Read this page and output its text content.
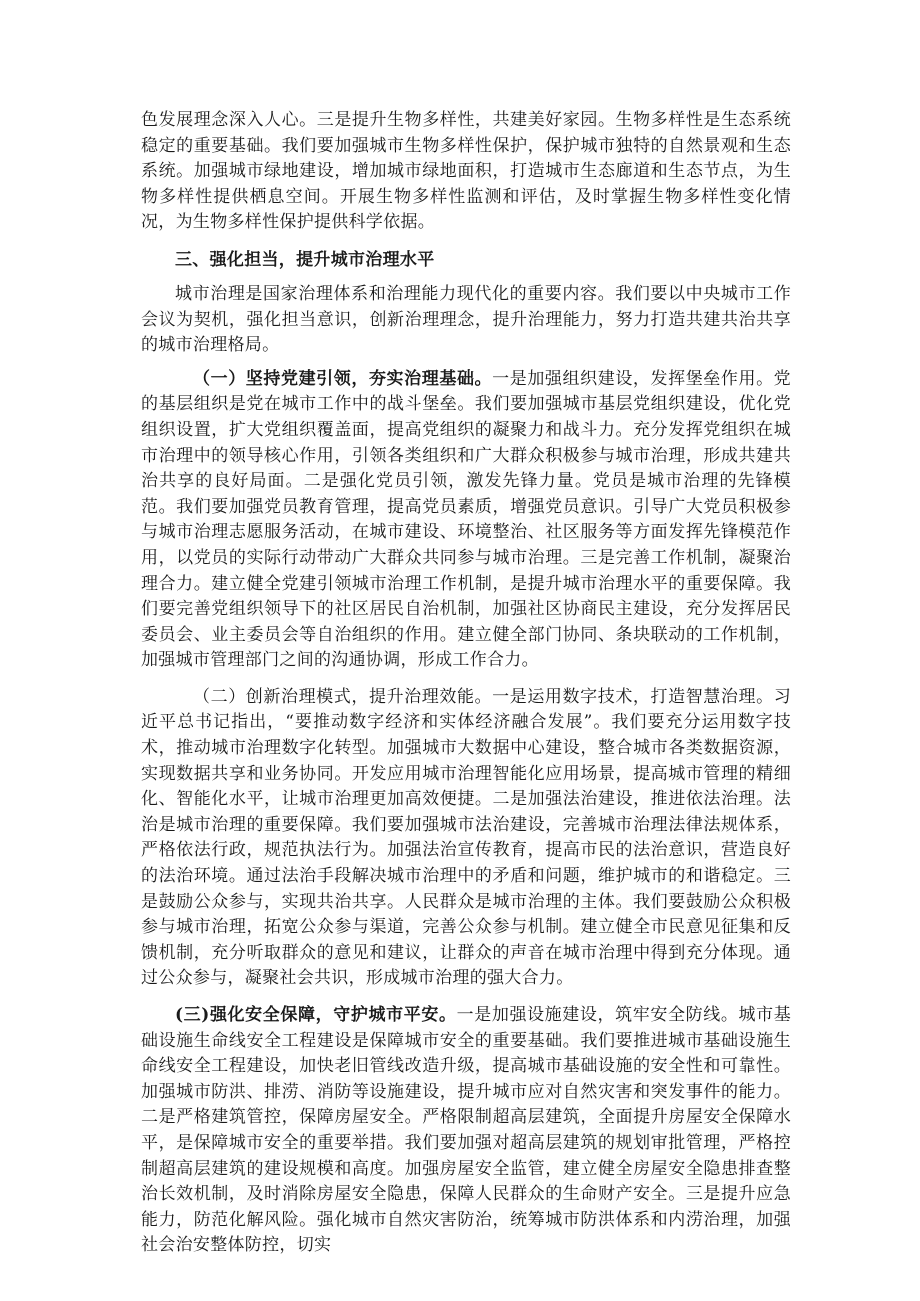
色发展理念深入人心。三是提升生物多样性，共建美好家园。生物多样性是生态系统稳定的重要基础。我们要加强城市生物多样性保护，保护城市独特的自然景观和生态系统。加强城市绿地建设，增加城市绿地面积，打造城市生态廊道和生态节点，为生物多样性提供栖息空间。开展生物多样性监测和评估，及时掌握生物多样性变化情况，为生物多样性保护提供科学依据。

三、强化担当，提升城市治理水平

城市治理是国家治理体系和治理能力现代化的重要内容。我们要以中央城市工作会议为契机，强化担当意识，创新治理理念，提升治理能力，努力打造共建共治共享的城市治理格局。

（一）坚持党建引领，夯实治理基础。一是加强组织建设，发挥堡垒作用。党的基层组织是党在城市工作中的战斗堡垒。我们要加强城市基层党组织建设，优化党组织设置，扩大党组织覆盖面，提高党组织的凝聚力和战斗力。充分发挥党组织在城市治理中的领导核心作用，引领各类组织和广大群众积极参与城市治理，形成共建共治共享的良好局面。二是强化党员引领，激发先锋力量。党员是城市治理的先锋模范。我们要加强党员教育管理，提高党员素质，增强党员意识。引导广大党员积极参与城市治理志愿服务活动，在城市建设、环境整治、社区服务等方面发挥先锋模范作用，以党员的实际行动带动广大群众共同参与城市治理。三是完善工作机制，凝聚治理合力。建立健全党建引领城市治理工作机制，是提升城市治理水平的重要保障。我们要完善党组织领导下的社区居民自治机制，加强社区协商民主建设，充分发挥居民委员会、业主委员会等自治组织的作用。建立健全部门协同、条块联动的工作机制，加强城市管理部门之间的沟通协调，形成工作合力。

（二）创新治理模式，提升治理效能。一是运用数字技术，打造智慧治理。习近平总书记指出，“要推动数字经济和实体经济融合发展”。我们要充分运用数字技术，推动城市治理数字化转型。加强城市大数据中心建设，整合城市各类数据资源，实现数据共享和业务协同。开发应用城市治理智能化应用场景，提高城市管理的精细化、智能化水平，让城市治理更加高效便捷。二是加强法治建设，推进依法治理。法治是城市治理的重要保障。我们要加强城市法治建设，完善城市治理法律法规体系，严格依法行政，规范执法行为。加强法治宣传教育，提高市民的法治意识，营造良好的法治环境。通过法治手段解决城市治理中的矛盾和问题，维护城市的和谐稳定。三是鼓励公众参与，实现共治共享。人民群众是城市治理的主体。我们要鼓励公众积极参与城市治理，拓宽公众参与渠道，完善公众参与机制。建立健全市民意见征集和反馈机制，充分听取群众的意见和建议，让群众的声音在城市治理中得到充分体现。通过公众参与，凝聚社会共识，形成城市治理的强大合力。

(三)强化安全保障，守护城市平安。一是加强设施建设，筑牢安全防线。城市基础设施生命线安全工程建设是保障城市安全的重要基础。我们要推进城市基础设施生命线安全工程建设，加快老旧管线改造升级，提高城市基础设施的安全性和可靠性。加强城市防洪、排涝、消防等设施建设，提升城市应对自然灾害和突发事件的能力。二是严格建筑管控，保障房屋安全。严格限制超高层建筑，全面提升房屋安全保障水平，是保障城市安全的重要举措。我们要加强对超高层建筑的规划审批管理，严格控制超高层建筑的建设规模和高度。加强房屋安全监管，建立健全房屋安全隐患排查整治长效机制，及时消除房屋安全隐患，保障人民群众的生命财产安全。三是提升应急能力，防范化解风险。强化城市自然灾害防治，统筹城市防洪体系和内涝治理，加强社会治安整体防控，切实
